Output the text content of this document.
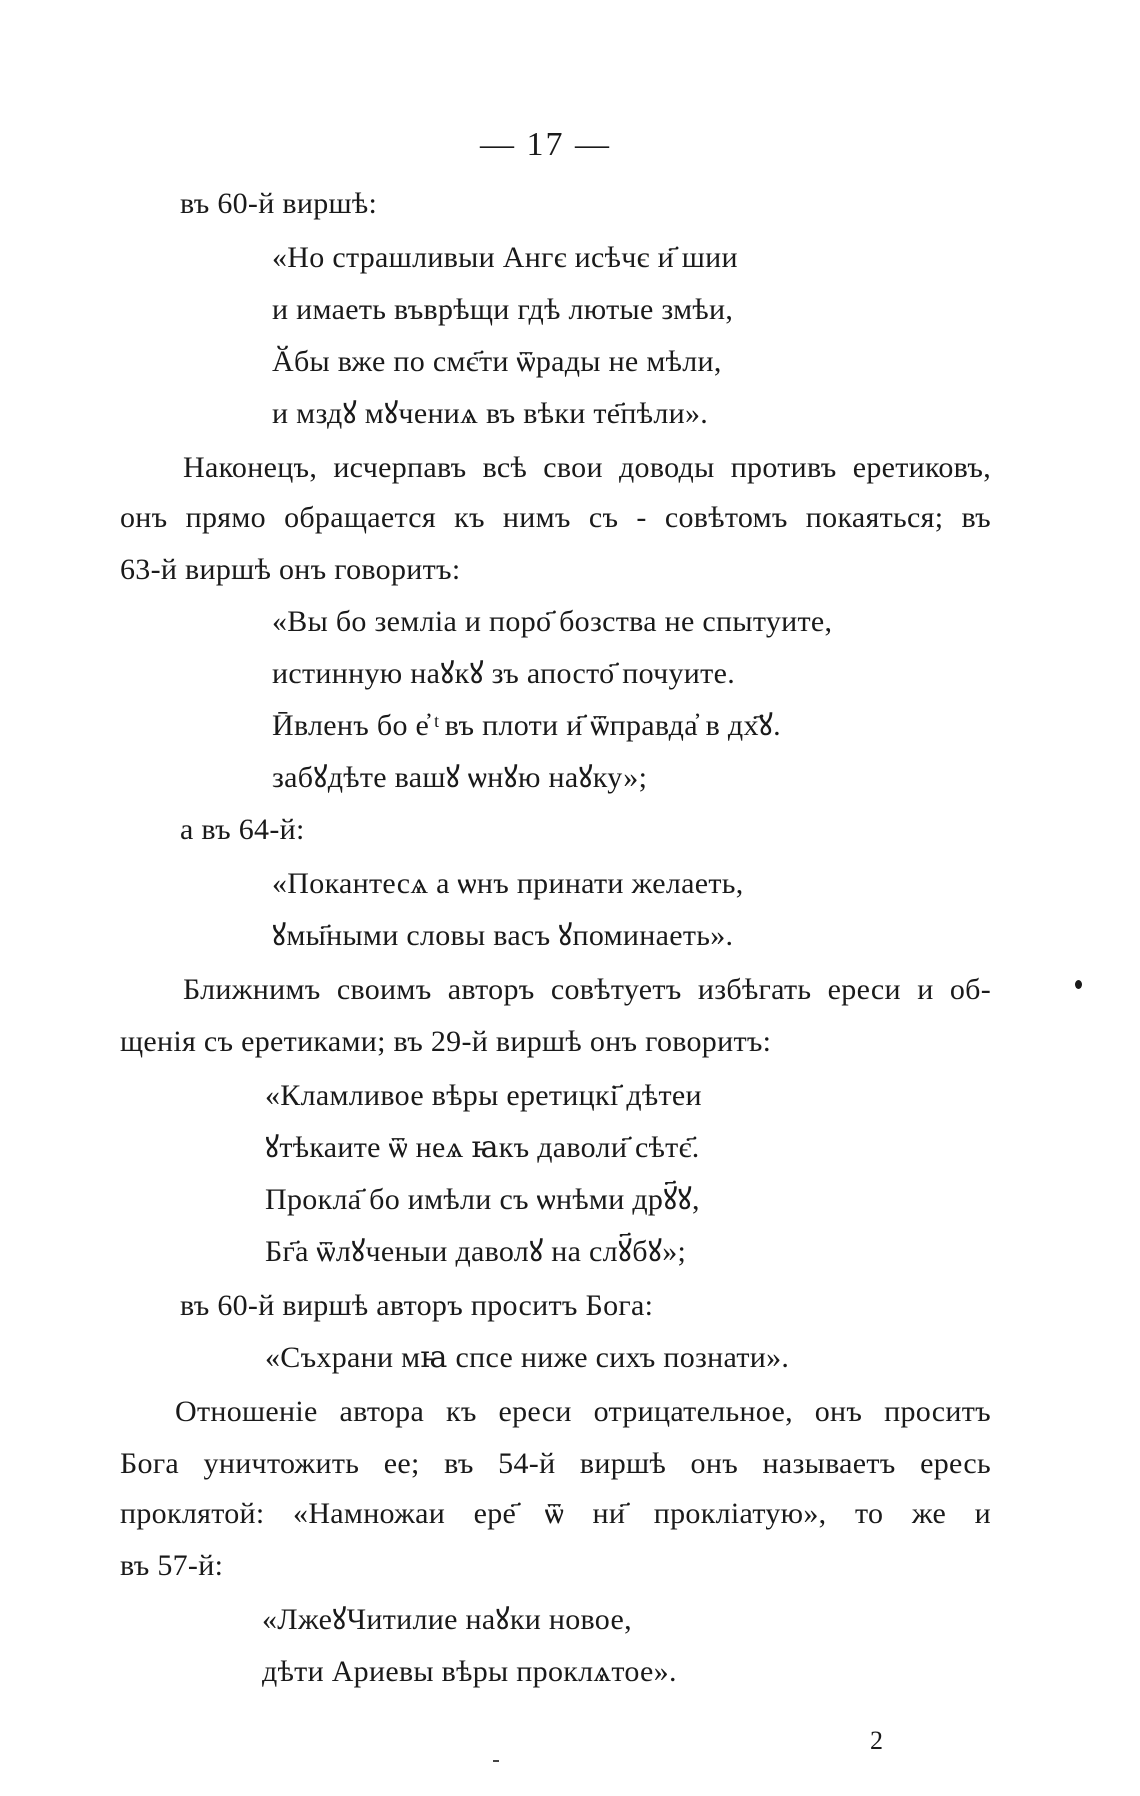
— 17 —
въ 60-й виршѣ:
«Но страшливыи Ангє исѣчє и҃ шии
и имаеть въврѣщи гдѣ лютые змѣи,
Ӑбы вже по смє҃ти ѿрады не мѣли,
и мздꙋ мꙋчениѧ въ вѣки те҃пѣли».
Наконецъ, исчерпавъ всѣ свои доводы противъ еретиковъ,
онъ прямо обращается къ нимъ съ - совѣтомъ покаяться; въ
63-й виршѣ онъ говоритъ:
«Вы бо земліа и поро҃ бозства не спытуите,
истинную наꙋкꙋ зъ апосто҃ почуите.
Ӣвленъ бо е҆ ͭ въ плоти и҃ ѿправда҆ в дх҃ꙋ.
забꙋдѣте вашꙋ ѡнꙋю наꙋку»;
а въ 64-й:
«Покантесѧ а ѡнъ принати желаеть,
ꙋмы҃ными словы васъ ꙋпоминаеть».
Ближнимъ своимъ авторъ совѣтуетъ избѣгать ереси и об-
щенія съ еретиками; въ 29-й виршѣ онъ говоритъ:
«Кламливое вѣры еретицкі҃ дѣтеи
ꙋтѣкаите ѿ неѧ ꙗкъ даволи҃ сѣтє҃.
Прокла҃ бо имѣли съ ѡнѣми дрꙋ҃ꙋ,
Бг҃а ѿлꙋченыи даволꙋ на слꙋ҃бꙋ»;
въ 60-й виршѣ авторъ проситъ Бога:
«Съхрани мꙗ спсе ниже сихъ познати».
Отношеніе автора къ ереси отрицательное, онъ проситъ
Бога уничтожить ее; въ 54-й виршѣ онъ называетъ ересь
проклятой: «Намножаи ере҃ ѿ ни҃ прокліатую», то же и
въ 57-й:
«ЛжеꙋЧитилие наꙋки новое,
дѣти Ариевы вѣры проклѧтое».
2
